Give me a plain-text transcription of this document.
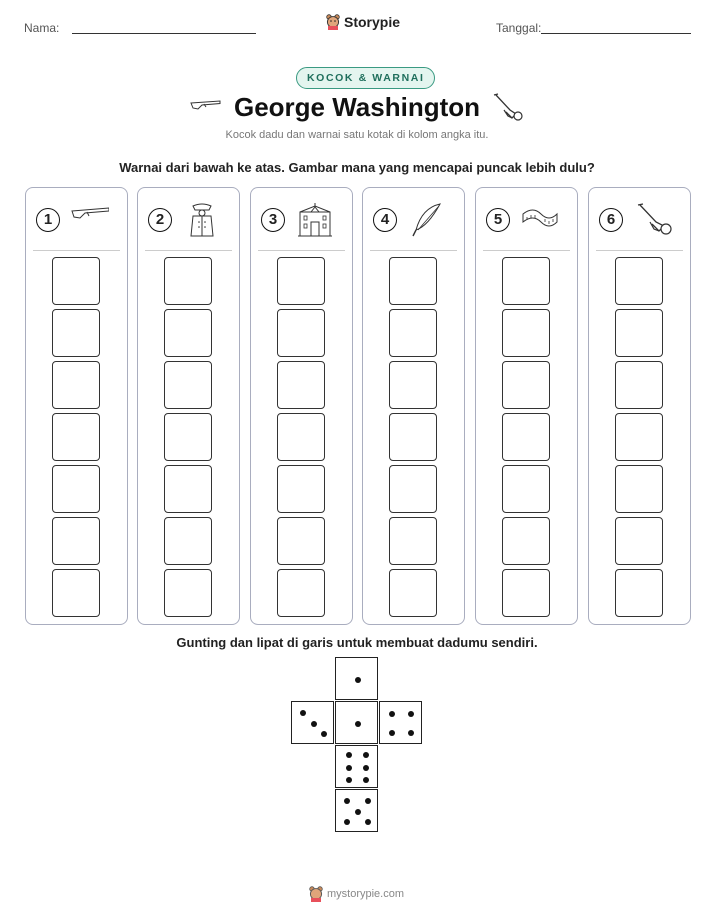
Nama:	Storypie	Tanggal:
KOCOK & WARNAI
George Washington
Kocok dadu dan warnai satu kotak di kolom angka itu.
Warnai dari bawah ke atas. Gambar mana yang mencapai puncak lebih dulu?
1	2	3	4	5	6
Gunting dan lipat di garis untuk membuat dadumu sendiri.
mystorypie.com
